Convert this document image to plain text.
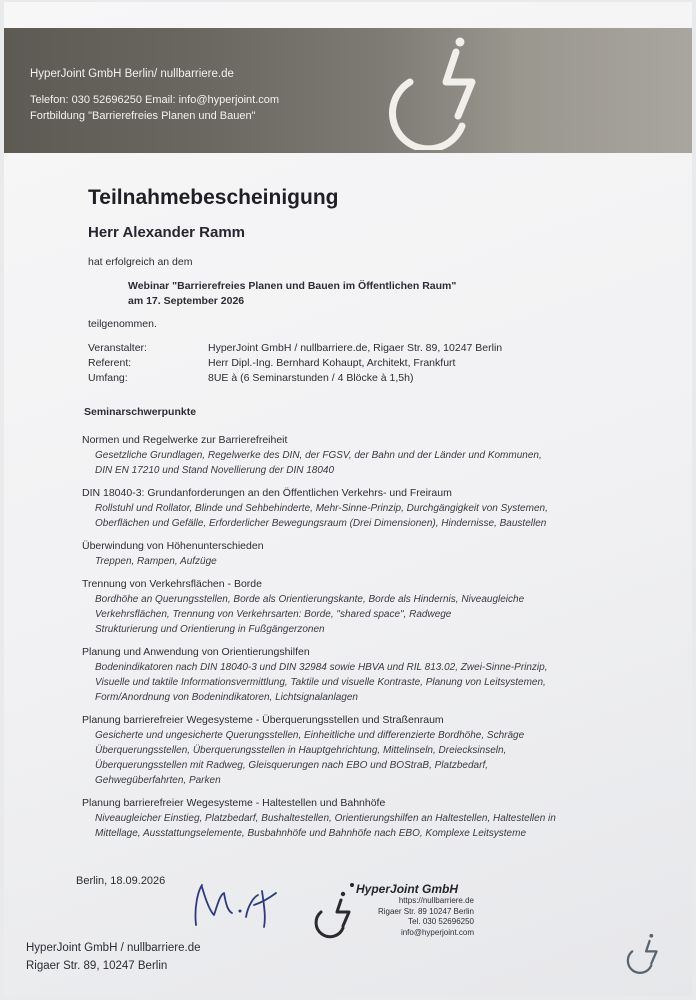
HyperJoint GmbH Berlin/ nullbarriere.de
Telefon: 030 52696250 Email: info@hyperjoint.com
Fortbildung "Barrierefreies Planen und Bauen"
Teilnahmebescheinigung
Herr Alexander Ramm
hat erfolgreich an dem
Webinar "Barrierefreies Planen und Bauen im Öffentlichen Raum"
am 17. September 2026
teilgenommen.
Veranstalter:	HyperJoint GmbH / nullbarriere.de, Rigaer Str. 89, 10247 Berlin
Referent:	Herr Dipl.-Ing. Bernhard Kohaupt, Architekt, Frankfurt
Umfang:	8UE à (6 Seminarstunden / 4 Blöcke à 1,5h)
Seminarschwerpunkte
Normen und Regelwerke zur Barrierefreiheit
Gesetzliche Grundlagen, Regelwerke des DIN, der FGSV, der Bahn und der Länder und Kommunen,
DIN EN 17210 und Stand Novellierung der DIN 18040
DIN 18040-3: Grundanforderungen an den Öffentlichen Verkehrs- und Freiraum
Rollstuhl und Rollator, Blinde und Sehbehinderte, Mehr-Sinne-Prinzip, Durchgängigkeit von Systemen,
Oberflächen und Gefälle, Erforderlicher Bewegungsraum (Drei Dimensionen), Hindernisse, Baustellen
Überwindung von Höhenunterschieden
Treppen, Rampen, Aufzüge
Trennung von Verkehrsflächen - Borde
Bordhöhe an Querungsstellen, Borde als Orientierungskante, Borde als Hindernis, Niveaugleiche
Verkehrsflächen, Trennung von Verkehrsarten: Borde, "shared space", Radwege
Strukturierung und Orientierung in Fußgängerzonen
Planung und Anwendung von Orientierungshilfen
Bodenindikatoren nach DIN 18040-3 und DIN 32984 sowie HBVA und RIL 813.02, Zwei-Sinne-Prinzip,
Visuelle und taktile Informationsvermittlung, Taktile und visuelle Kontraste, Planung von Leitsystemen,
Form/Anordnung von Bodenindikatoren, Lichtsignalanlagen
Planung barrierefreier Wegesysteme - Überquerungsstellen und Straßenraum
Gesicherte und ungesicherte Querungsstellen, Einheitliche und differenzierte Bordhöhe, Schräge
Überquerungsstellen, Überquerungsstellen in Hauptgehrichtung, Mittelinseln, Dreiecksinseln,
Überquerungsstellen mit Radweg, Gleisquerungen nach EBO und BOStraB, Platzbedarf,
Gehwegüberfahrten, Parken
Planung barrierefreier Wegesysteme - Haltestellen und Bahnhöfe
Niveaugleicher Einstieg, Platzbedarf, Bushaltestellen, Orientierungshilfen an Haltestellen, Haltestellen in
Mittellage, Ausstattungselemente, Busbahnhöfe und Bahnhöfe nach EBO, Komplexe Leitsysteme
Berlin, 18.09.2026
HyperJoint GmbH
https://nullbarriere.de
Rigaer Str. 89 10247 Berlin
Tel. 030 52696250
info@hyperjoint.com
HyperJoint GmbH / nullbarriere.de
Rigaer Str. 89, 10247 Berlin
